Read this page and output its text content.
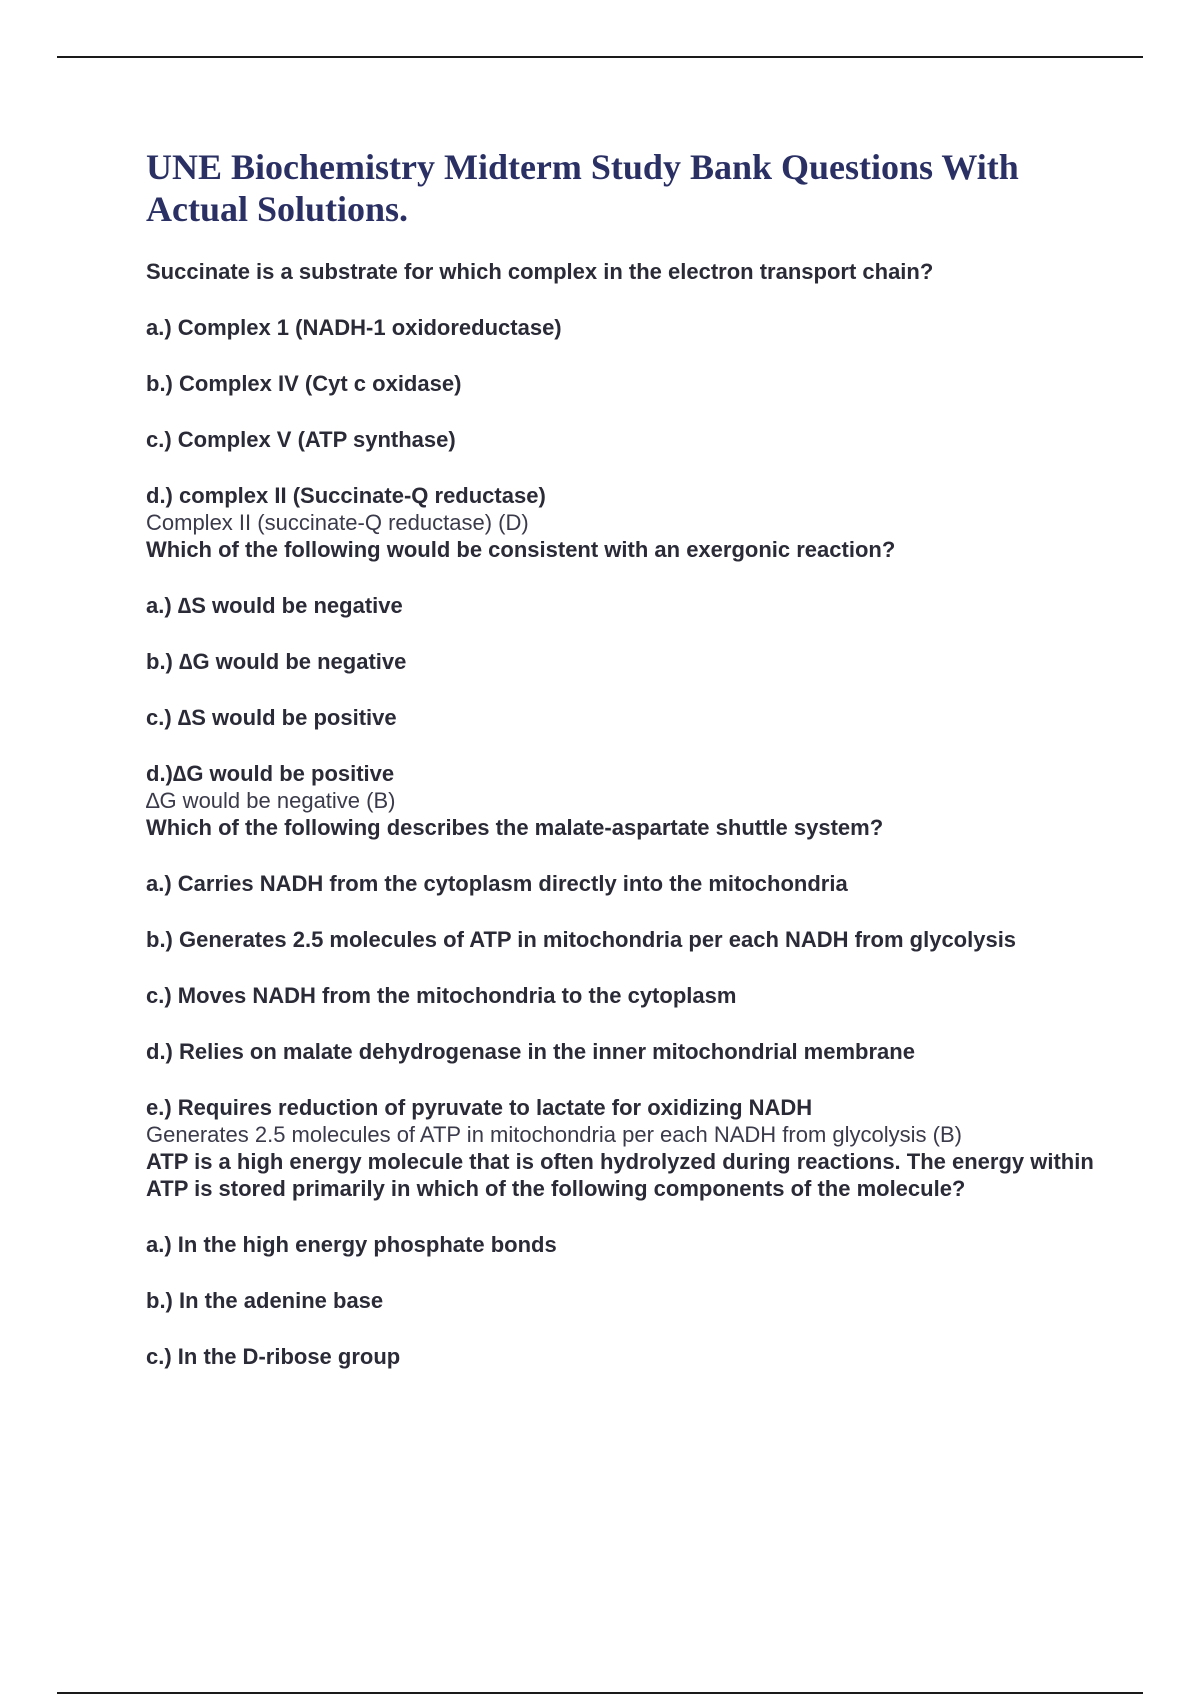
UNE Biochemistry Midterm Study Bank Questions With Actual Solutions.

Succinate is a substrate for which complex in the electron transport chain?

a.) Complex 1 (NADH-1 oxidoreductase)

b.) Complex IV (Cyt c oxidase)

c.) Complex V (ATP synthase)

d.) complex II (Succinate-Q reductase)

Complex II (succinate-Q reductase) (D)

Which of the following would be consistent with an exergonic reaction?

a.) ∆S would be negative

b.) ∆G would be negative

c.) ∆S would be positive

d.)∆G would be positive

∆G would be negative (B)

Which of the following describes the malate-aspartate shuttle system?

a.) Carries NADH from the cytoplasm directly into the mitochondria

b.) Generates 2.5 molecules of ATP in mitochondria per each NADH from glycolysis

c.) Moves NADH from the mitochondria to the cytoplasm

d.) Relies on malate dehydrogenase in the inner mitochondrial membrane

e.) Requires reduction of pyruvate to lactate for oxidizing NADH

Generates 2.5 molecules of ATP in mitochondria per each NADH from glycolysis (B)

ATP is a high energy molecule that is often hydrolyzed during reactions. The energy within ATP is stored primarily in which of the following components of the molecule?

a.) In the high energy phosphate bonds

b.) In the adenine base

c.) In the D-ribose group
